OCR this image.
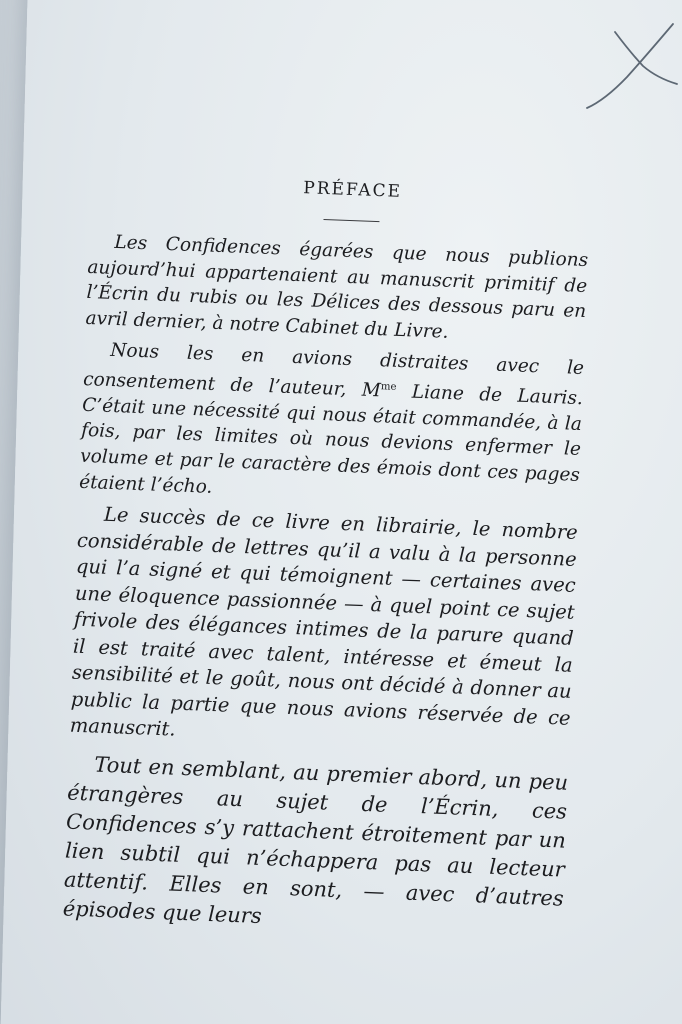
PRÉFACE

Les Confidences égarées que nous publions aujourd’hui appartenaient au manuscrit primitif de l’Écrin du rubis ou les Délices des dessous paru en avril dernier, à notre Cabinet du Livre.

Nous les en avions distraites avec le consentement de l’auteur, $M^{me}$ Liane de Lauris. C’était une nécessité qui nous était commandée, à la fois, par les limites où nous devions enfermer le volume et par le caractère des émois dont ces pages étaient l’écho.

Le succès de ce livre en librairie, le nombre considérable de lettres qu’il a valu à la personne qui l’a signé et qui témoignent — certaines avec une éloquence passionnée — à quel point ce sujet frivole des élégances intimes de la parure quand il est traité avec talent, intéresse et émeut la sensibilité et le goût, nous ont décidé à donner au public la partie que nous avions réservée de ce manuscrit.

Tout en semblant, au premier abord, un peu étrangères au sujet de l’Écrin, ces Confidences s’y rattachent étroitement par un lien subtil qui n’échappera pas au lecteur attentif. Elles en sont, — avec d’autres épisodes que leurs
